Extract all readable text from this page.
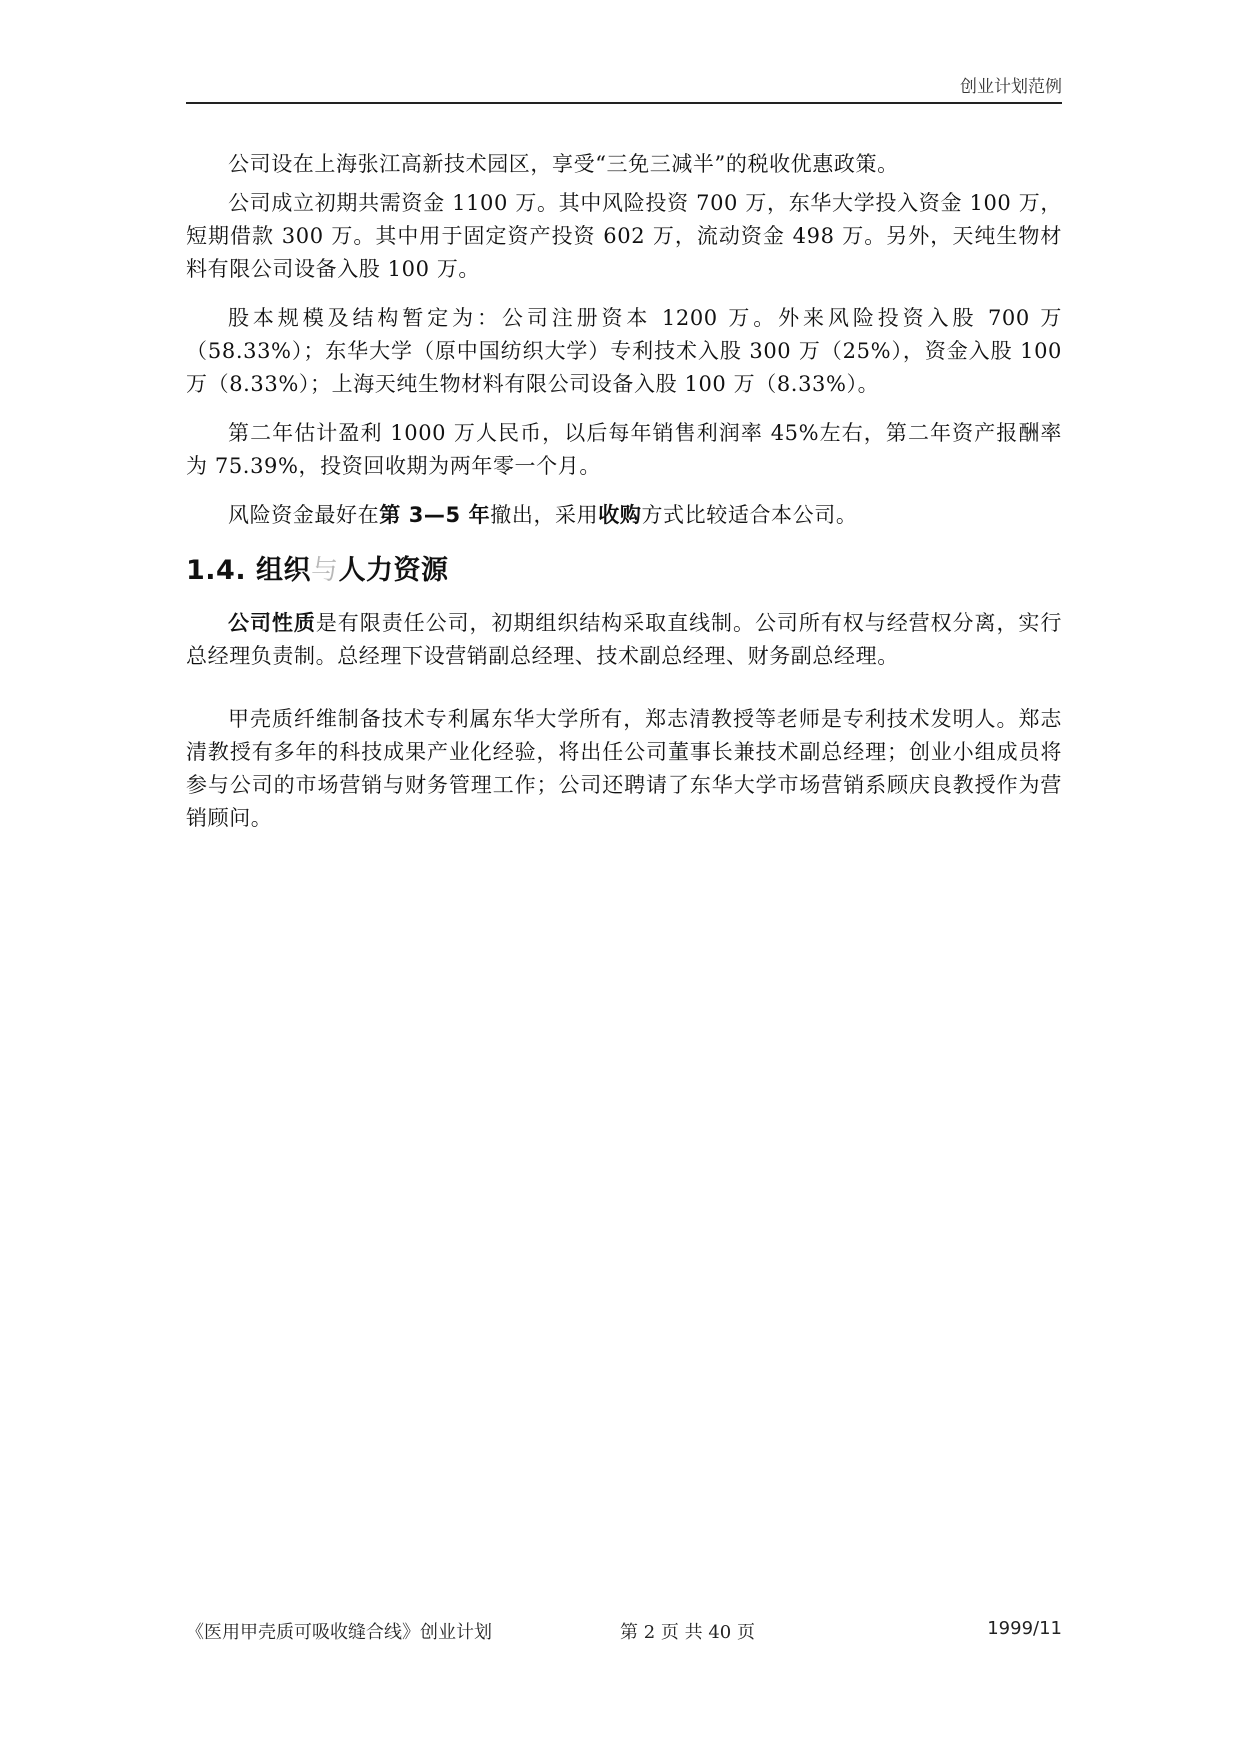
创业计划范例

公司设在上海张江高新技术园区，享受“三免三减半”的税收优惠政策。

公司成立初期共需资金 1100 万。其中风险投资 700 万，东华大学投入资金 100 万，短期借款 300 万。其中用于固定资产投资 602 万，流动资金 498 万。另外，天纯生物材料有限公司设备入股 100 万。

股本规模及结构暂定为：公司注册资本 1200 万。外来风险投资入股 700 万（58.33%）；东华大学（原中国纺织大学）专利技术入股 300 万（25%），资金入股 100 万（8.33%）；上海天纯生物材料有限公司设备入股 100 万（8.33%）。

第二年估计盈利 1000 万人民币，以后每年销售利润率 45%左右，第二年资产报酬率为 75.39%，投资回收期为两年零一个月。

风险资金最好在第 3—5 年撤出，采用收购方式比较适合本公司。

1.4. 组织与人力资源

公司性质是有限责任公司，初期组织结构采取直线制。公司所有权与经营权分离，实行总经理负责制。总经理下设营销副总经理、技术副总经理、财务副总经理。

甲壳质纤维制备技术专利属东华大学所有，郑志清教授等老师是专利技术发明人。郑志清教授有多年的科技成果产业化经验，将出任公司董事长兼技术副总经理；创业小组成员将参与公司的市场营销与财务管理工作；公司还聘请了东华大学市场营销系顾庆良教授作为营销顾问。

《医用甲壳质可吸收缝合线》创业计划	第 2 页 共 40 页	1999/11
